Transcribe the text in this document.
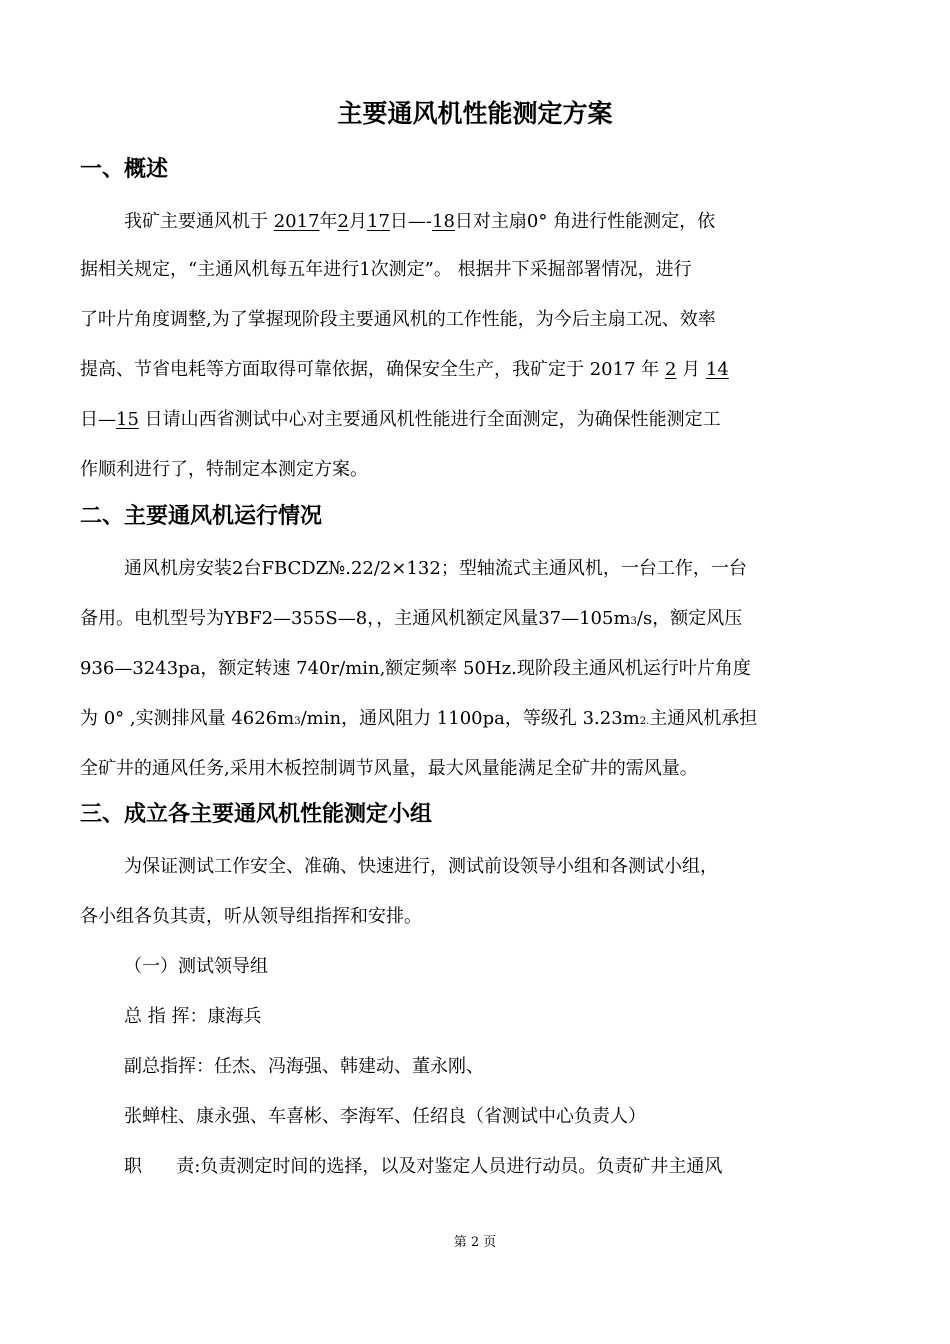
主要通风机性能测定方案
一、概述
我矿主要通风机于 2017年2月17日—-18日对主扇0° 角进行性能测定，依
据相关规定，“主通风机每五年进行1次测定”。 根据井下采掘部署情况，进行
了叶片角度调整,为了掌握现阶段主要通风机的工作性能，为今后主扇工况、效率
提高、节省电耗等方面取得可靠依据，确保安全生产，我矿定于 2017 年 2 月 14
日—15 日请山西省测试中心对主要通风机性能进行全面测定，为确保性能测定工
作顺利进行了，特制定本测定方案。
二、主要通风机运行情况
通风机房安装2台FBCDZ№.22/2×132；型轴流式主通风机，一台工作，一台
备用。电机型号为YBF2—355S—8，，主通风机额定风量37—105m3/s，额定风压
936—3243pa，额定转速 740r/min,额定频率 50Hz.现阶段主通风机运行叶片角度
为 0° ,实测排风量 4626m3/min，通风阻力 1100pa，等级孔 3.23m2.主通风机承担
全矿井的通风任务,采用木板控制调节风量，最大风量能满足全矿井的需风量。
三、成立各主要通风机性能测定小组
为保证测试工作安全、准确、快速进行，测试前设领导小组和各测试小组，
各小组各负其责，听从领导组指挥和安排。
（一）测试领导组
总 指 挥：康海兵
副总指挥：任杰、冯海强、韩建动、董永刚、
张蝉柱、康永强、车喜彬、李海军、任绍良（省测试中心负责人）
职      责:负责测定时间的选择，以及对鉴定人员进行动员。负责矿井主通风
第 2 页
